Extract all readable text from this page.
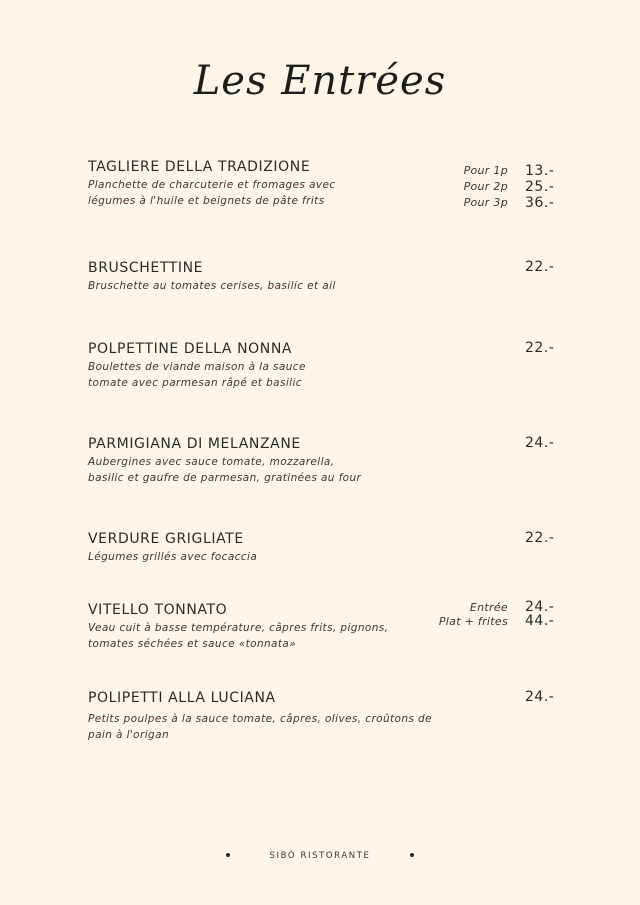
Les Entrées
TAGLIERE DELLA TRADIZIONE
Planchette de charcuterie et fromages avec
légumes à l'huile et beignets de pâte frits
Pour 1p 13.-
Pour 2p 25.-
Pour 3p 36.-
BRUSCHETTINE
Bruschette au tomates cerises, basilic et ail
22.-
POLPETTINE DELLA NONNA
Boulettes de viande maison à la sauce
tomate avec parmesan râpé et basilic
22.-
PARMIGIANA DI MELANZANE
Aubergines avec sauce tomate, mozzarella,
basilic et gaufre de parmesan, gratinées au four
24.-
VERDURE GRIGLIATE
Légumes grillés avec focaccia
22.-
VITELLO TONNATO
Veau cuit à basse température, câpres frits, pignons,
tomates séchées et sauce «tonnata»
Entrée 24.-
Plat + frites 44.-
POLIPETTI ALLA LUCIANA
Petits poulpes à la sauce tomate, câpres, olives, croûtons de
pain à l'origan
24.-
SIBÒ RISTORANTE
